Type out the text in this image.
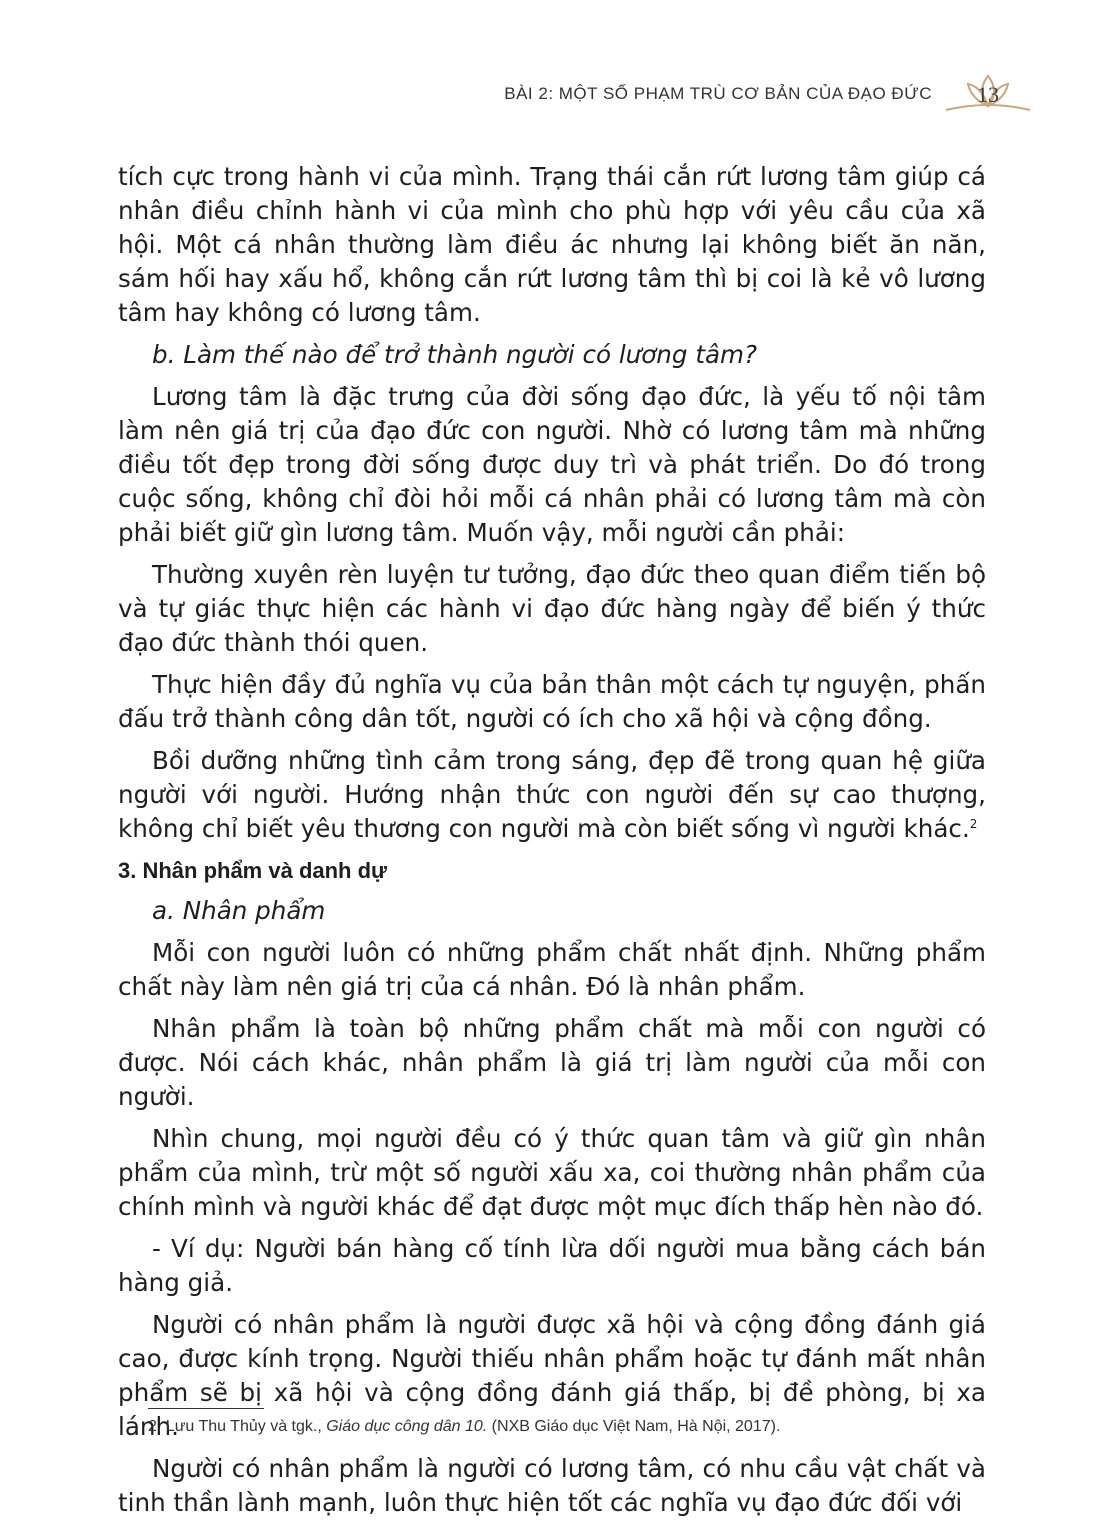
BÀI 2: MỘT SỐ PHẠM TRÙ CƠ BẢN CỦA ĐẠO ĐỨC	13

tích cực trong hành vi của mình. Trạng thái cắn rứt lương tâm giúp cá nhân điều chỉnh hành vi của mình cho phù hợp với yêu cầu của xã hội. Một cá nhân thường làm điều ác nhưng lại không biết ăn năn, sám hối hay xấu hổ, không cắn rứt lương tâm thì bị coi là kẻ vô lương tâm hay không có lương tâm.

b. Làm thế nào để trở thành người có lương tâm?

Lương tâm là đặc trưng của đời sống đạo đức, là yếu tố nội tâm làm nên giá trị của đạo đức con người. Nhờ có lương tâm mà những điều tốt đẹp trong đời sống được duy trì và phát triển. Do đó trong cuộc sống, không chỉ đòi hỏi mỗi cá nhân phải có lương tâm mà còn phải biết giữ gìn lương tâm. Muốn vậy, mỗi người cần phải:

Thường xuyên rèn luyện tư tưởng, đạo đức theo quan điểm tiến bộ và tự giác thực hiện các hành vi đạo đức hàng ngày để biến ý thức đạo đức thành thói quen.

Thực hiện đầy đủ nghĩa vụ của bản thân một cách tự nguyện, phấn đấu trở thành công dân tốt, người có ích cho xã hội và cộng đồng.

Bồi dưỡng những tình cảm trong sáng, đẹp đẽ trong quan hệ giữa người với người. Hướng nhận thức con người đến sự cao thượng, không chỉ biết yêu thương con người mà còn biết sống vì người khác.$^2$

3. Nhân phẩm và danh dự

a. Nhân phẩm

Mỗi con người luôn có những phẩm chất nhất định. Những phẩm chất này làm nên giá trị của cá nhân. Đó là nhân phẩm.

Nhân phẩm là toàn bộ những phẩm chất mà mỗi con người có được. Nói cách khác, nhân phẩm là giá trị làm người của mỗi con người.

Nhìn chung, mọi người đều có ý thức quan tâm và giữ gìn nhân phẩm của mình, trừ một số người xấu xa, coi thường nhân phẩm của chính mình và người khác để đạt được một mục đích thấp hèn nào đó.

- Ví dụ: Người bán hàng cố tính lừa dối người mua bằng cách bán hàng giả.

Người có nhân phẩm là người được xã hội và cộng đồng đánh giá cao, được kính trọng. Người thiếu nhân phẩm hoặc tự đánh mất nhân phẩm sẽ bị xã hội và cộng đồng đánh giá thấp, bị đề phòng, bị xa lánh.

Người có nhân phẩm là người có lương tâm, có nhu cầu vật chất và tinh thần lành mạnh, luôn thực hiện tốt các nghĩa vụ đạo đức đối với

2. Lưu Thu Thủy và tgk., Giáo dục công dân 10. (NXB Giáo dục Việt Nam, Hà Nội, 2017).
